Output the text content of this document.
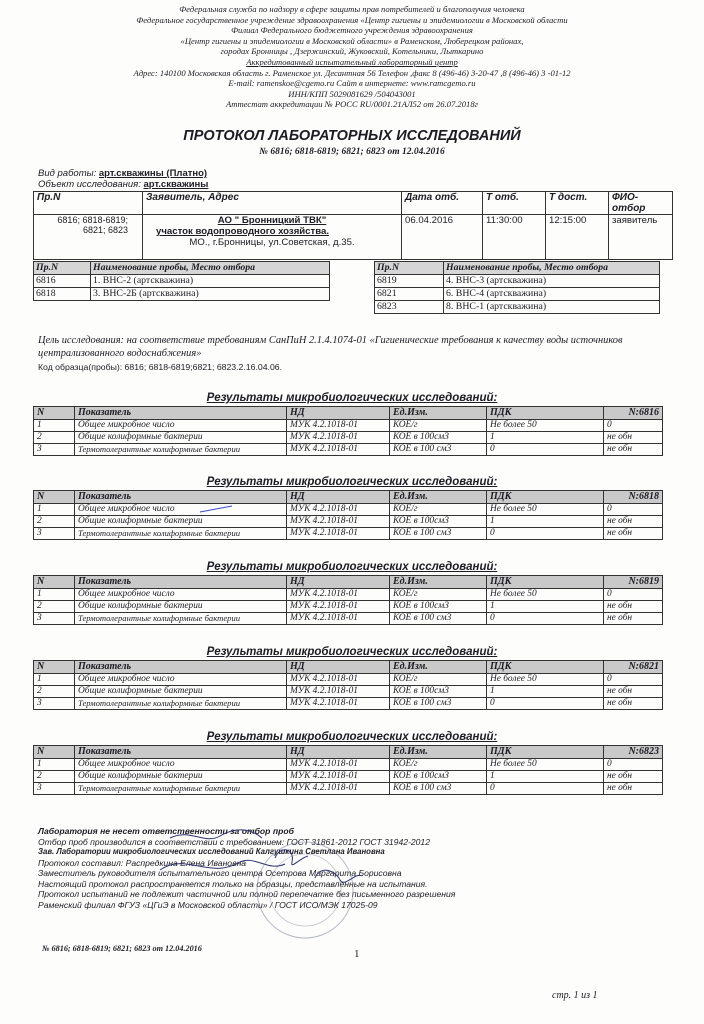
Федеральная служба по надзору в сфере защиты прав потребителей и благополучия человека
Федеральное государственное учреждение здравоохранения «Центр гигиены и эпидемиологии в Московской области
Филиал Федерального бюджетного учреждения здравоохранения
«Центр гигиены и эпидемиологии в Московской области» в Раменском, Люберецком районах,
городах Бронницы , Дзержинский, Жуковский, Котельники, Лыткарино
Аккредитованный испытательный лабораторный центр
Адрес: 140100 Московская область г. Раменское ул. Десантная 56 Телефон ,факс 8 (496-46) 3-20-47 ,8 (496-46) 3 -01-12
E-mail: ramenskoe@cgemo.ru Сайт в интернете: www.ramcgemo.ru
ИНН/КПП 5029081629 /504043001
Аттестат аккредитации № РОСС RU/0001.21АЛ52 от 26.07.2018г
ПРОТОКОЛ ЛАБОРАТОРНЫХ ИССЛЕДОВАНИЙ
№ 6816; 6818-6819; 6821; 6823 от 12.04.2016
Вид работы: арт.скважины (Платно)
Объект исследования: арт.скважины
Пр.N	Заявитель, Адрес	Дата отб.	Т отб.	Т дост.	ФИО-отбор
6816; 6818-6819; 6821; 6823	АО " Бронницкий ТВК"
участок водопроводного хозяйства.
МО., г.Бронницы, ул.Советская, д.35.	06.04.2016	11:30:00	12:15:00	заявитель
Пр.N	Наименование пробы, Место отбора
6816	1. ВНС-2 (артскважина)
6818	3. ВНС-2Б (артскважина)
Пр.N	Наименование пробы, Место отбора
6819	4. ВНС-3 (артскважина)
6821	6. ВНС-4 (артскважина)
6823	8. ВНС-1 (артскважина)
Цель исследования: на соответствие требованиям СанПиН 2.1.4.1074-01 «Гигиенические требования к качеству воды источников централизованного водоснабжения»
Код образца(пробы): 6816; 6818-6819;6821; 6823.2.16.04.06.
Результаты микробиологических исследований:
N	Показатель	НД	Ед.Изм.	ПДК	N:6816
1	Общее микробное число	МУК 4.2.1018-01	КОЕ/г	Не более 50	0
2	Общие колиформные бактерии	МУК 4.2.1018-01	КОЕ в 100см3	1	не обн
3	Термотолерантные колиформные бактерии	МУК 4.2.1018-01	КОЕ в 100 см3	0	не обн
Результаты микробиологических исследований:
N	Показатель	НД	Ед.Изм.	ПДК	N:6818
1	Общее микробное число	МУК 4.2.1018-01	КОЕ/г	Не более 50	0
2	Общие колиформные бактерии	МУК 4.2.1018-01	КОЕ в 100см3	1	не обн
3	Термотолерантные колиформные бактерии	МУК 4.2.1018-01	КОЕ в 100 см3	0	не обн
Результаты микробиологических исследований:
N	Показатель	НД	Ед.Изм.	ПДК	N:6819
1	Общее микробное число	МУК 4.2.1018-01	КОЕ/г	Не более 50	0
2	Общие колиформные бактерии	МУК 4.2.1018-01	КОЕ в 100см3	1	не обн
3	Термотолерантные колиформные бактерии	МУК 4.2.1018-01	КОЕ в 100 см3	0	не обн
Результаты микробиологических исследований:
N	Показатель	НД	Ед.Изм.	ПДК	N:6821
1	Общее микробное число	МУК 4.2.1018-01	КОЕ/г	Не более 50	0
2	Общие колиформные бактерии	МУК 4.2.1018-01	КОЕ в 100см3	1	не обн
3	Термотолерантные колиформные бактерии	МУК 4.2.1018-01	КОЕ в 100 см3	0	не обн
Результаты микробиологических исследований:
N	Показатель	НД	Ед.Изм.	ПДК	N:6823
1	Общее микробное число	МУК 4.2.1018-01	КОЕ/г	Не более 50	0
2	Общие колиформные бактерии	МУК 4.2.1018-01	КОЕ в 100см3	1	не обн
3	Термотолерантные колиформные бактерии	МУК 4.2.1018-01	КОЕ в 100 см3	0	не обн
Лаборатория не несет ответственности за отбор проб
Отбор проб производился в соответствии с требованием: ГОСТ 31861-2012 ГОСТ 31942-2012
Зав. Лаборатории микробиологических исследований Калгушкина Светлана Ивановна
Протокол составил: Распредкина Елена Ивановна
Заместитель руководителя испытательного центра Осетрова Маргарита Борисовна
Настоящий протокол распространяется только на образцы, представленные на испытания.
Протокол испытаний не подлежит частичной или полной перепечатке без письменного разрешения
Раменский филиал ФГУЗ «ЦГиЭ в Московской области» / ГОСТ ИСО/МЭК 17025-09
№ 6816; 6818-6819; 6821; 6823 от 12.04.2016	1
стр. 1 из 1
